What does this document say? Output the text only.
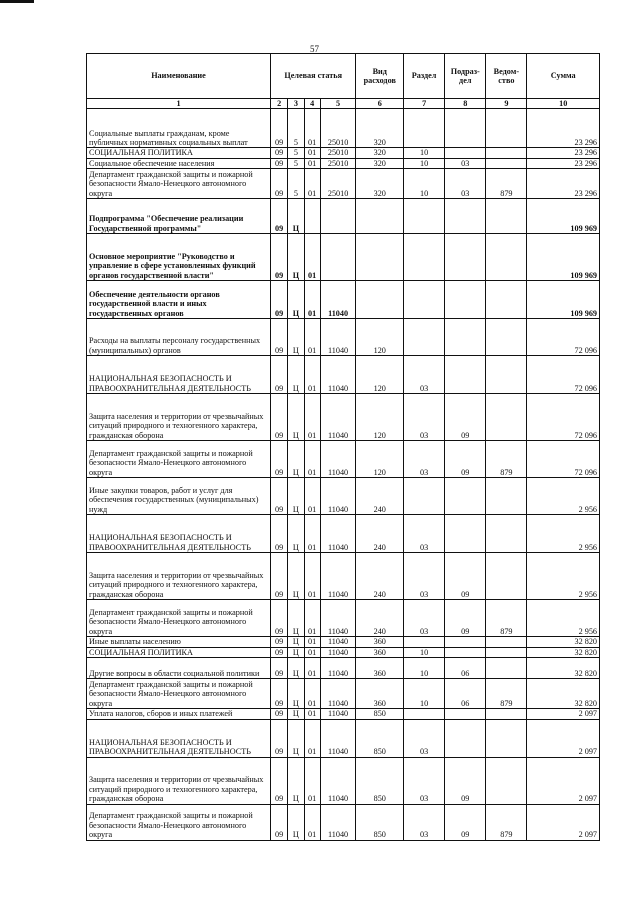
57
Наименование	Целевая статья				Вид расходов	Раздел	Подраз-дел	Ведом-ство	Сумма
1	2	3	4	5	6	7	8	9	10
Социальные выплаты гражданам, кроме публичных нормативных социальных выплат	09	5	01	25010	320				23 296
СОЦИАЛЬНАЯ ПОЛИТИКА	09	5	01	25010	320	10			23 296
Социальное обеспечение населения	09	5	01	25010	320	10	03		23 296
Департамент гражданской защиты и пожарной безопасности Ямало-Ненецкого автономного округа	09	5	01	25010	320	10	03	879	23 296
Подпрограмма "Обеспечение реализации Государственной программы"	09	Ц							109 969
Основное мероприятие "Руководство и управление в сфере установленных функций органов государственной власти"	09	Ц	01						109 969
Обеспечение деятельности органов государственной власти и иных государственных органов	09	Ц	01	11040					109 969
Расходы на выплаты персоналу государственных (муниципальных) органов	09	Ц	01	11040	120				72 096
НАЦИОНАЛЬНАЯ БЕЗОПАСНОСТЬ И ПРАВООХРАНИТЕЛЬНАЯ ДЕЯТЕЛЬНОСТЬ	09	Ц	01	11040	120	03			72 096
Защита населения и территории от чрезвычайных ситуаций природного и техногенного характера, гражданская оборона	09	Ц	01	11040	120	03	09		72 096
Департамент гражданской защиты и пожарной безопасности Ямало-Ненецкого автономного округа	09	Ц	01	11040	120	03	09	879	72 096
Иные закупки товаров, работ и услуг для обеспечения государственных (муниципальных) нужд	09	Ц	01	11040	240				2 956
НАЦИОНАЛЬНАЯ БЕЗОПАСНОСТЬ И ПРАВООХРАНИТЕЛЬНАЯ ДЕЯТЕЛЬНОСТЬ	09	Ц	01	11040	240	03			2 956
Защита населения и территории от чрезвычайных ситуаций природного и техногенного характера, гражданская оборона	09	Ц	01	11040	240	03	09		2 956
Департамент гражданской защиты и пожарной безопасности Ямало-Ненецкого автономного округа	09	Ц	01	11040	240	03	09	879	2 956
Иные выплаты населению	09	Ц	01	11040	360				32 820
СОЦИАЛЬНАЯ ПОЛИТИКА	09	Ц	01	11040	360	10			32 820
Другие вопросы в области социальной политики	09	Ц	01	11040	360	10	06		32 820
Департамент гражданской защиты и пожарной безопасности Ямало-Ненецкого автономного округа	09	Ц	01	11040	360	10	06	879	32 820
Уплата налогов, сборов и иных платежей	09	Ц	01	11040	850				2 097
НАЦИОНАЛЬНАЯ БЕЗОПАСНОСТЬ И ПРАВООХРАНИТЕЛЬНАЯ ДЕЯТЕЛЬНОСТЬ	09	Ц	01	11040	850	03			2 097
Защита населения и территории от чрезвычайных ситуаций природного и техногенного характера, гражданская оборона	09	Ц	01	11040	850	03	09		2 097
Департамент гражданской защиты и пожарной безопасности Ямало-Ненецкого автономного округа	09	Ц	01	11040	850	03	09	879	2 097
